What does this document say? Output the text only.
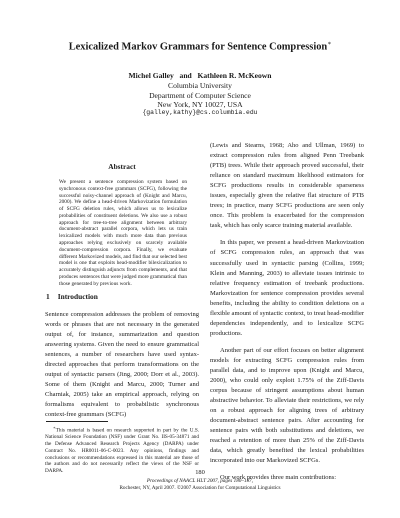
Lexicalized Markov Grammars for Sentence Compression∗
Michel Galley   and   Kathleen R. McKeown
Columbia University
Department of Computer Science
New York, NY 10027, USA
{galley,kathy}@cs.columbia.edu
Abstract
We present a sentence compression system based on synchronous context-free grammars (SCFG), following the successful noisy-channel approach of (Knight and Marcu, 2000). We define a head-driven Markovization formulation of SCFG deletion rules, which allows us to lexicalize probabilities of constituent deletions. We also use a robust approach for tree-to-tree alignment between arbitrary document-abstract parallel corpora, which lets us train lexicalized models with much more data than previous approaches relying exclusively on scarcely available document-compression corpora. Finally, we evaluate different Markovized models, and find that our selected best model is one that exploits head-modifier bilexicalization to accurately distinguish adjuncts from complements, and that produces sentences that were judged more grammatical than those generated by previous work.
1 Introduction

Sentence compression addresses the problem of removing words or phrases that are not necessary in the generated output of, for instance, summarization and question answering systems. Given the need to ensure grammatical sentences, a number of researchers have used syntax-directed approaches that perform transformations on the output of syntactic parsers (Jing, 2000; Dorr et al., 2003). Some of them (Knight and Marcu, 2000; Turner and Charniak, 2005) take an empirical approach, relying on formalisms equivalent to probabilistic synchronous context-free grammars (SCFG)

∗This material is based on research supported in part by the U.S. National Science Foundation (NSF) under Grant No. IIS-05-34871 and the Defense Advanced Research Projects Agency (DARPA) under Contract No. HR0011-06-C-0023. Any opinions, findings and conclusions or recommendations expressed in this material are those of the authors and do not necessarily reflect the views of the NSF or DARPA.

(Lewis and Stearns, 1968; Aho and Ullman, 1969) to extract compression rules from aligned Penn Treebank (PTB) trees. While their approach proved successful, their reliance on standard maximum likelihood estimators for SCFG productions results in considerable sparseness issues, especially given the relative flat structure of PTB trees; in practice, many SCFG productions are seen only once. This problem is exacerbated for the compression task, which has only scarce training material available.

In this paper, we present a head-driven Markovization of SCFG compression rules, an approach that was successfully used in syntactic parsing (Collins, 1999; Klein and Manning, 2003) to alleviate issues intrinsic to relative frequency estimation of treebank productions. Markovization for sentence compression provides several benefits, including the ability to condition deletions on a flexible amount of syntactic context, to treat head-modifier dependencies independently, and to lexicalize SCFG productions.

Another part of our effort focuses on better alignment models for extracting SCFG compression rules from parallel data, and to improve upon (Knight and Marcu, 2000), who could only exploit 1.75% of the Ziff-Davis corpus because of stringent assumptions about human abstractive behavior. To alleviate their restrictions, we rely on a robust approach for aligning trees of arbitrary document-abstract sentence pairs. After accounting for sentence pairs with both substitutions and deletions, we reached a retention of more than 25% of the Ziff-Davis data, which greatly benefited the lexical probabilities incorporated into our Markovized SCFGs.

Our work provides three main contributions:

180
Proceedings of NAACL HLT 2007, pages 180–187,
Rochester, NY, April 2007. ©2007 Association for Computational Linguistics
